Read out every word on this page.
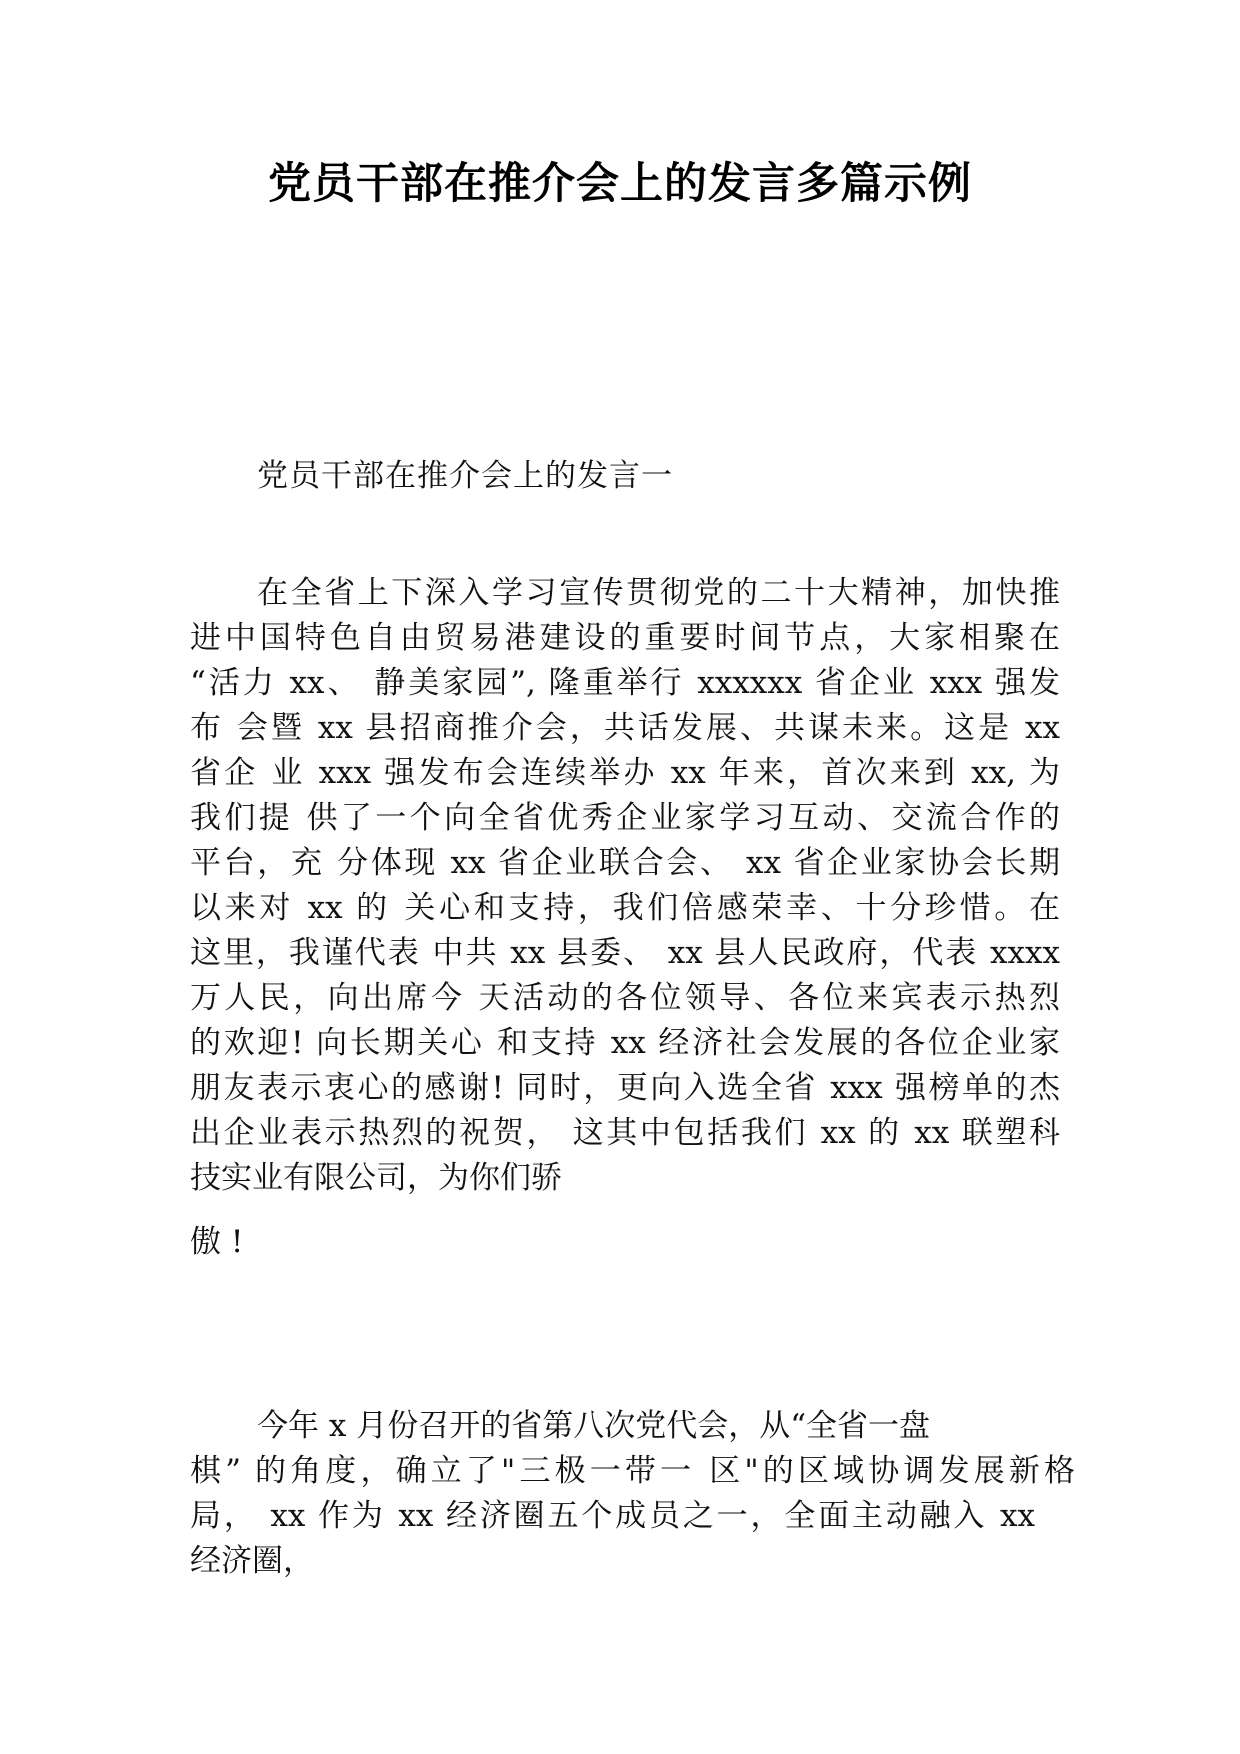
党员干部在推介会上的发言多篇示例

党员干部在推介会上的发言一

在全省上下深入学习宣传贯彻党的二十大精神，加快推

进中国特色自由贸易港建设的重要时间节点，大家相聚在

“活力 xx、 静美家园”, 隆重举行 xxxxxx 省企业 xxx 强发

布 会暨 xx 县招商推介会，共话发展、共谋未来。这是 xx

省企 业 xxx 强发布会连续举办 xx 年来，首次来到 xx, 为

我们提 供了一个向全省优秀企业家学习互动、交流合作的

平台，充 分体现 xx 省企业联合会、 xx 省企业家协会长期

以来对 xx 的 关心和支持，我们倍感荣幸、十分珍惜。在

这里，我谨代表 中共 xx 县委、 xx 县人民政府，代表 xxxx

万人民，向出席今 天活动的各位领导、各位来宾表示热烈

的欢迎! 向长期关心 和支持 xx 经济社会发展的各位企业家

朋友表示衷心的感谢! 同时，更向入选全省 xxx 强榜单的杰

出企业表示热烈的祝贺， 这其中包括我们 xx 的 xx 联塑科

技实业有限公司，为你们骄

傲 !

今年 x 月份召开的省第八次党代会，从“全省一盘

棋” 的角度，确立了"三极一带一 区"的区域协调发展新格

局， xx 作为 xx 经济圈五个成员之一，全面主动融入 xx

经济圈，
